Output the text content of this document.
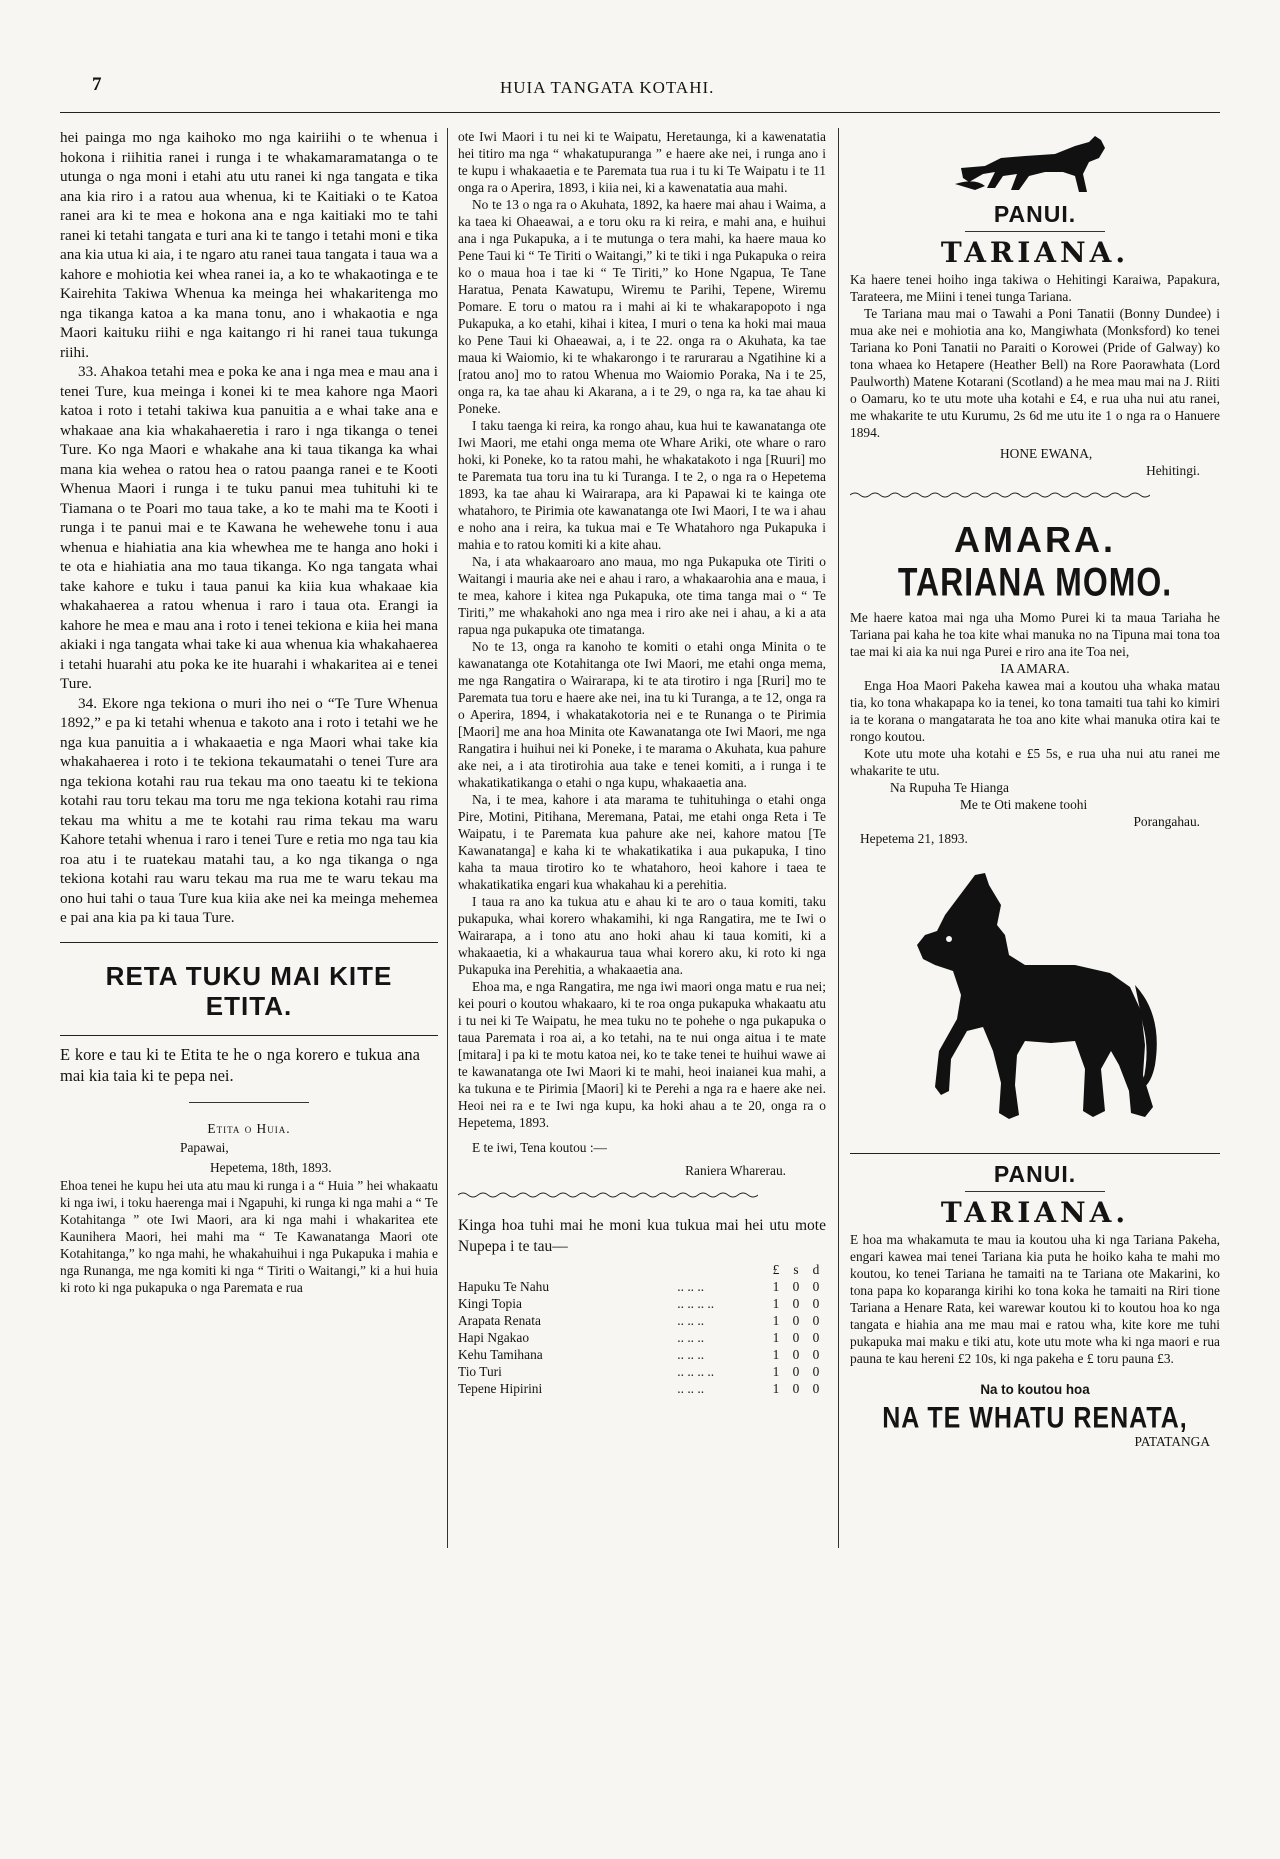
7	HUIA TANGATA KOTAHI.

hei painga mo nga kaihoko mo nga kairiihi o te whenua i hokona i riihitia ranei i runga i te whakamaramatanga o te utunga o nga moni i etahi atu utu ranei ki nga tangata e tika ana kia riro i a ratou aua whenua, ki te Kaitiaki o te Katoa ranei ara ki te mea e hokona ana e nga kaitiaki mo te tahi ranei ki tetahi tangata e turi ana ki te tango i tetahi moni e tika ana kia utua ki aia, i te ngaro atu ranei taua tangata i taua wa a kahore e mohiotia kei whea ranei ia, a ko te whakaotinga e te Kairehita Takiwa Whenua ka meinga hei whakaritenga mo nga tikanga katoa a ka mana tonu, ano i whakaotia e nga Maori kaituku riihi e nga kaitango ri hi ranei taua tukunga riihi.

33. Ahakoa tetahi mea e poka ke ana i nga mea e mau ana i tenei Ture, kua meinga i konei ki te mea kahore nga Maori katoa i roto i tetahi takiwa kua panuitia a e whai take ana e whakaae ana kia whakahaeretia i raro i nga tikanga o tenei Ture. Ko nga Maori e whakahe ana ki taua tikanga ka whai mana kia wehea o ratou hea o ratou paanga ranei e te Kooti Whenua Maori i runga i te tuku panui mea tuhituhi ki te Tiamana o te Poari mo taua take, a ko te mahi ma te Kooti i runga i te panui mai e te Kawana he wehewehe tonu i aua whenua e hiahiatia ana kia whewhea me te hanga ano hoki i te ota e hiahiatia ana mo taua tikanga. Ko nga tangata whai take kahore e tuku i taua panui ka kiia kua whakaae kia whakahaerea a ratou whenua i raro i taua ota. Erangi ia kahore he mea e mau ana i roto i tenei tekiona e kiia hei mana akiaki i nga tangata whai take ki aua whenua kia whakahaerea i tetahi huarahi atu poka ke ite huarahi i whakaritea ai e tenei Ture.

34. Ekore nga tekiona o muri iho nei o “Te Ture Whenua 1892,” e pa ki tetahi whenua e takoto ana i roto i tetahi we he nga kua panuitia a i whakaaetia e nga Maori whai take kia whakahaerea i roto i te tekiona tekaumatahi o tenei Ture ara nga tekiona kotahi rau rua tekau ma ono taeatu ki te tekiona kotahi rau toru tekau ma toru me nga tekiona kotahi rau rima tekau ma whitu a me te kotahi rau rima tekau ma waru Kahore tetahi whenua i raro i tenei Ture e retia mo nga tau kia roa atu i te ruatekau matahi tau, a ko nga tikanga o nga tekiona kotahi rau waru tekau ma rua me te waru tekau ma ono hui tahi o taua Ture kua kiia ake nei ka meinga mehemea e pai ana kia pa ki taua Ture.

RETA TUKU MAI KITE ETITA.

E kore e tau ki te Etita te he o nga korero e tukua ana mai kia taia ki te pepa nei.

Etita o Huia.

Papawai,

Hepetema, 18th, 1893.

Ehoa tenei he kupu hei uta atu mau ki runga i a “ Huia ” hei whakaatu ki nga iwi, i toku haerenga mai i Ngapuhi, ki runga ki nga mahi a “ Te Kotahitanga ” ote Iwi Maori, ara ki nga mahi i whakaritea ete Kaunihera Maori, hei mahi ma “ Te Kawanatanga Maori ote Kotahitanga,” ko nga mahi, he whakahuihui i nga Pukapuka i mahia e nga Runanga, me nga komiti ki nga “ Tiriti o Waitangi,” ki a hui huia ki roto ki nga pukapuka o nga Paremata e rua

ote Iwi Maori i tu nei ki te Waipatu, Heretaunga, ki a kawenatatia hei titiro ma nga “ whakatupuranga ” e haere ake nei, i runga ano i te kupu i whakaaetia e te Paremata tua rua i tu ki Te Waipatu i te 11 onga ra o Aperira, 1893, i kiia nei, ki a kawenatatia aua mahi.

No te 13 o nga ra o Akuhata, 1892, ka haere mai ahau i Waima, a ka taea ki Ohaeawai, a e toru oku ra ki reira, e mahi ana, e huihui ana i nga Pukapuka, a i te mutunga o tera mahi, ka haere maua ko Pene Taui ki “ Te Tiriti o Waitangi,” ki te tiki i nga Pukapuka o reira ko o maua hoa i tae ki “ Te Tiriti,” ko Hone Ngapua, Te Tane Haratua, Penata Kawatupu, Wiremu te Parihi, Tepene, Wiremu Pomare. E toru o matou ra i mahi ai ki te whakarapopoto i nga Pukapuka, a ko etahi, kihai i kitea, I muri o tena ka hoki mai maua ko Pene Taui ki Ohaeawai, a, i te 22. onga ra o Akuhata, ka tae maua ki Waiomio, ki te whakarongo i te rarurarau a Ngatihine ki a [ratou ano] mo to ratou Whenua mo Waiomio Poraka, Na i te 25, onga ra, ka tae ahau ki Akarana, a i te 29, o nga ra, ka tae ahau ki Poneke.

I taku taenga ki reira, ka rongo ahau, kua hui te kawanatanga ote Iwi Maori, me etahi onga mema ote Whare Ariki, ote whare o raro hoki, ki Poneke, ko ta ratou mahi, he whakatakoto i nga [Ruuri] mo te Paremata tua toru ina tu ki Turanga. I te 2, o nga ra o Hepetema 1893, ka tae ahau ki Wairarapa, ara ki Papawai ki te kainga ote whatahoro, te Pirimia ote kawanatanga ote Iwi Maori, I te wa i ahau e noho ana i reira, ka tukua mai e Te Whatahoro nga Pukapuka i mahia e to ratou komiti ki a kite ahau.

Na, i ata whakaaroaro ano maua, mo nga Pukapuka ote Tiriti o Waitangi i mauria ake nei e ahau i raro, a whakaarohia ana e maua, i te mea, kahore i kitea nga Pukapuka, ote tima tanga mai o “ Te Tiriti,” me whakahoki ano nga mea i riro ake nei i ahau, a ki a ata rapua nga pukapuka ote timatanga.

No te 13, onga ra kanoho te komiti o etahi onga Minita o te kawanatanga ote Kotahitanga ote Iwi Maori, me etahi onga mema, me nga Rangatira o Wairarapa, ki te ata tirotiro i nga [Ruri] mo te Paremata tua toru e haere ake nei, ina tu ki Turanga, a te 12, onga ra o Aperira, 1894, i whakatakotoria nei e te Runanga o te Pirimia [Maori] me ana hoa Minita ote Kawanatanga ote Iwi Maori, me nga Rangatira i huihui nei ki Poneke, i te marama o Akuhata, kua pahure ake nei, a i ata tirotirohia aua take e tenei komiti, a i runga i te whakatikatikanga o etahi o nga kupu, whakaaetia ana.

Na, i te mea, kahore i ata marama te tuhituhinga o etahi onga Pire, Motini, Pitihana, Meremana, Patai, me etahi onga Reta i Te Waipatu, i te Paremata kua pahure ake nei, kahore matou [Te Kawanatanga] e kaha ki te whakatikatika i aua pukapuka, I tino kaha ta maua tirotiro ko te whatahoro, heoi kahore i taea te whakatikatika engari kua whakahau ki a perehitia.

I taua ra ano ka tukua atu e ahau ki te aro o taua komiti, taku pukapuka, whai korero whakamihi, ki nga Rangatira, me te Iwi o Wairarapa, a i tono atu ano hoki ahau ki taua komiti, ki a whakaaetia, ki a whakaurua taua whai korero aku, ki roto ki nga Pukapuka ina Perehitia, a whakaaetia ana.

Ehoa ma, e nga Rangatira, me nga iwi maori onga matu e rua nei; kei pouri o koutou whakaaro, ki te roa onga pukapuka whakaatu atu i tu nei ki Te Waipatu, he mea tuku no te pohehe o nga pukapuka o taua Paremata i roa ai, a ko tetahi, na te nui onga aitua i te mate [mitara] i pa ki te motu katoa nei, ko te take tenei te huihui wawe ai te kawanatanga ote Iwi Maori ki te mahi, heoi inaianei kua mahi, a ka tukuna e te Pirimia [Maori] ki te Perehi a nga ra e haere ake nei. Heoi nei ra e te Iwi nga kupu, ka hoki ahau a te 20, onga ra o Hepetema, 1893.

E te iwi, Tena koutou :—

Raniera Wharerau.

Kinga hoa tuhi mai he moni kua tukua mai hei utu mote Nupepa i te tau—

		£	s	d
Hapuku Te Nahu	.. .. ..	1	0	0
Kingi Topia	.. .. .. ..	1	0	0
Arapata Renata	.. .. ..	1	0	0
Hapi Ngakao	.. .. ..	1	0	0
Kehu Tamihana	.. .. ..	1	0	0
Tio Turi	.. .. .. ..	1	0	0
Tepene Hipirini	.. .. ..	1	0	0
PANUI.
TARIANA.

Ka haere tenei hoiho inga takiwa o Hehitingi Karaiwa, Papakura, Tarateera, me Miini i tenei tunga Tariana.

Te Tariana mau mai o Tawahi a Poni Tanatii (Bonny Dundee) i mua ake nei e mohiotia ana ko, Mangiwhata (Monksford) ko tenei Tariana ko Poni Tanatii no Paraiti o Korowei (Pride of Galway) ko tona whaea ko Hetapere (Heather Bell) na Rore Paorawhata (Lord Paulworth) Matene Kotarani (Scotland) a he mea mau mai na J. Riiti o Oamaru, ko te utu mote uha kotahi e £4, e rua uha nui atu ranei, me whakarite te utu Kurumu, 2s 6d me utu ite 1 o nga ra o Hanuere 1894.

HONE EWANA,

Hehitingi.

AMARA.
TARIANA MOMO.

Me haere katoa mai nga uha Momo Purei ki ta maua Tariaha he Tariana pai kaha he toa kite whai manuka no na Tipuna mai tona toa tae mai ki aia ka nui nga Purei e riro ana ite Toa nei,

IA AMARA.

Enga Hoa Maori Pakeha kawea mai a koutou uha whaka matau tia, ko tona whakapapa ko ia tenei, ko tona tamaiti tua tahi ko kimiri ia te korana o mangatarata he toa ano kite whai manuka otira kai te rongo koutou.

Kote utu mote uha kotahi e £5 5s, e rua uha nui atu ranei me whakarite te utu.

Na Rupuha Te Hianga

Me te Oti makene toohi

Porangahau.

Hepetema 21, 1893.

PANUI.
TARIANA.

E hoa ma whakamuta te mau ia koutou uha ki nga Tariana Pakeha, engari kawea mai tenei Tariana kia puta he hoiko kaha te mahi mo koutou, ko tenei Tariana he tamaiti na te Tariana ote Makarini, ko tona papa ko koparanga kirihi ko tona koka he tamaiti na Riri tione Tariana a Henare Rata, kei warewar koutou ki to koutou hoa ko nga tangata e hiahia ana me mau mai e ratou wha, kite kore me tuhi pukapuka mai maku e tiki atu, kote utu mote wha ki nga maori e rua pauna te kau hereni £2 10s, ki nga pakeha e £ toru pauna £3.

Na to koutou hoa

NA TE WHATU RENATA,

PATATANGA
